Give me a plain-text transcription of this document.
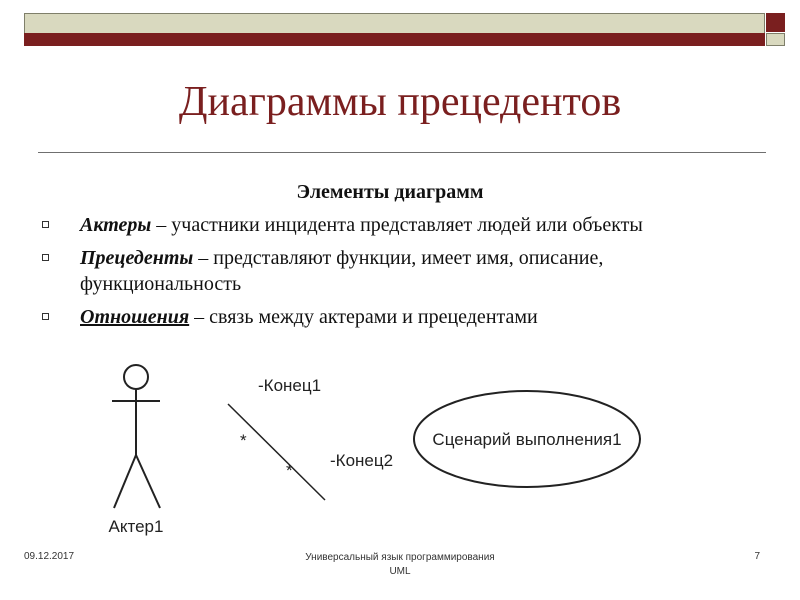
Диаграммы прецедентов
Элементы диаграмм
Актеры – участники инцидента представляет людей или объекты
Прецеденты – представляют функции, имеет имя, описание, функциональность
Отношения – связь между актерами и прецедентами
Актер1
-Конец1
*
*
-Конец2
Сценарий выполнения1
09.12.2017	Универсальный язык программирования
UML
7
